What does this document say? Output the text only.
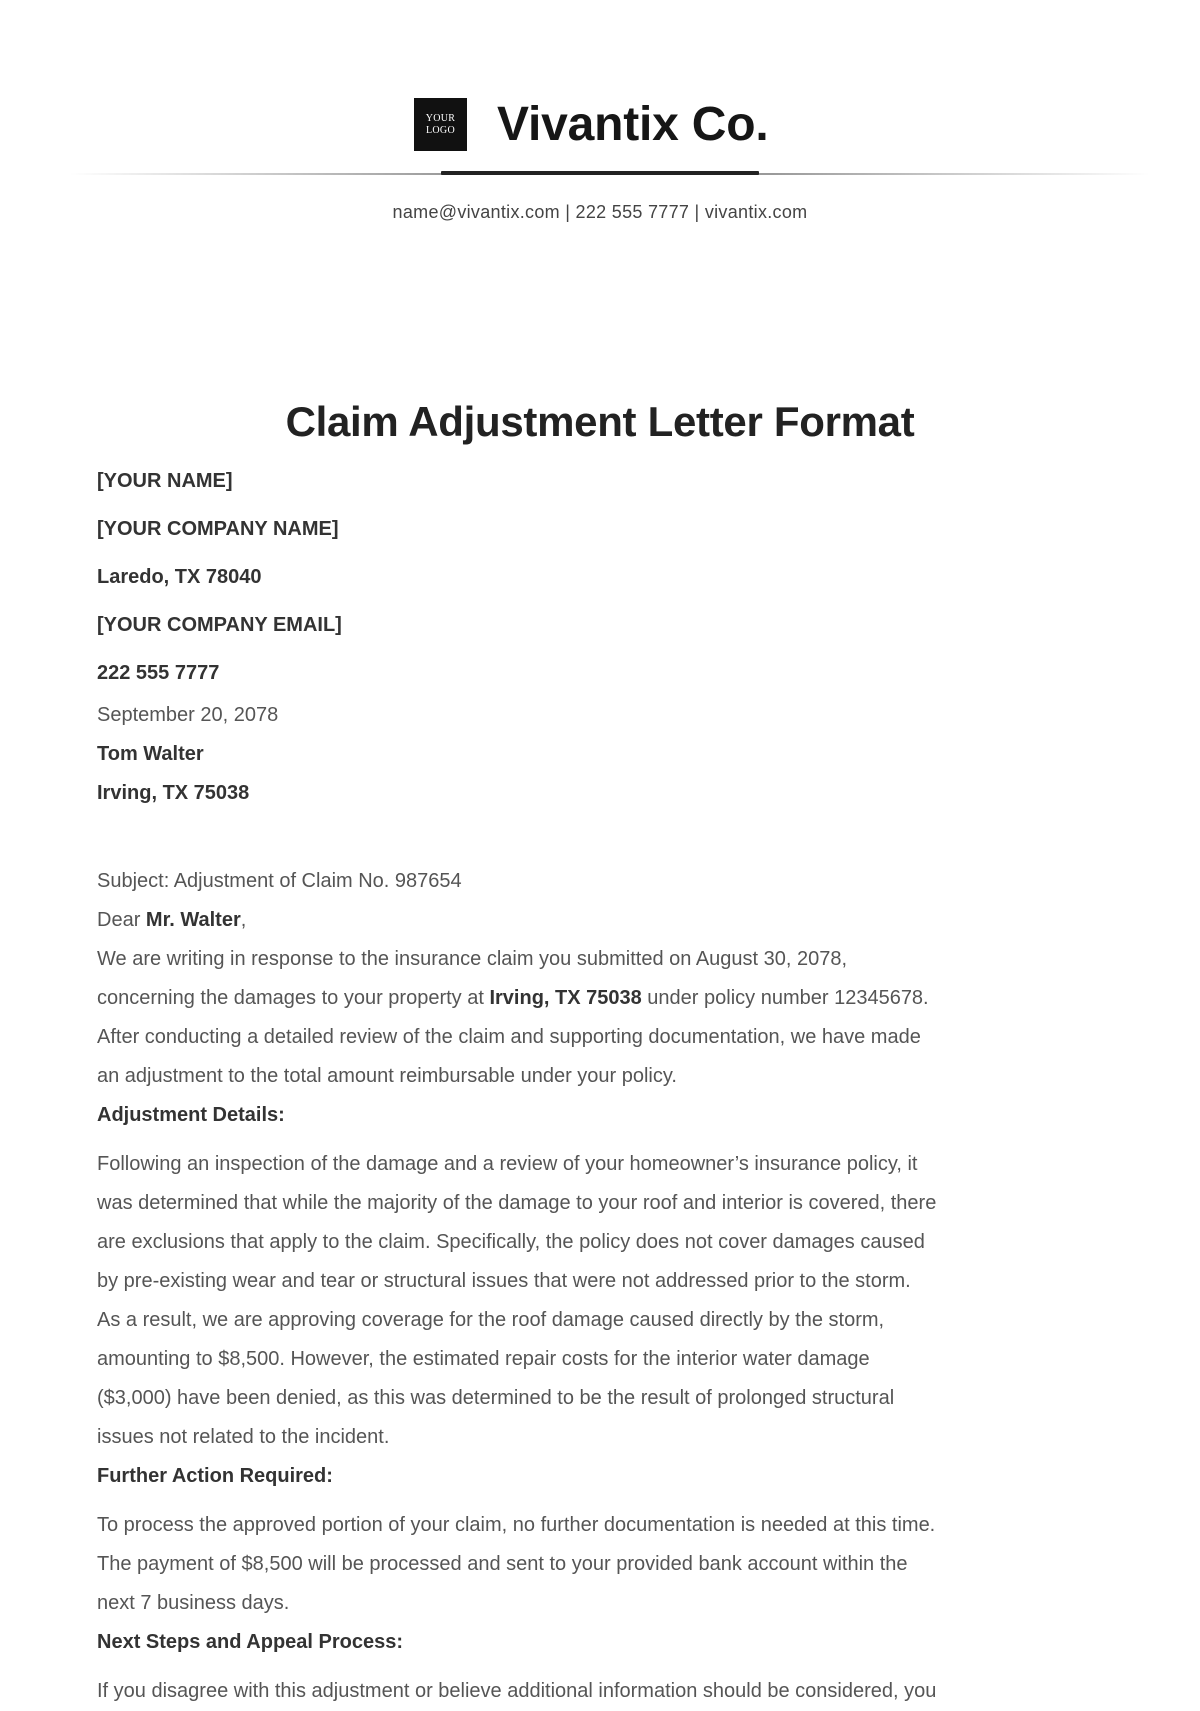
YOUR
LOGO Vivantix Co.
name@vivantix.com | 222 555 7777 | vivantix.com
Claim Adjustment Letter Format
[YOUR NAME]
[YOUR COMPANY NAME]
Laredo, TX 78040
[YOUR COMPANY EMAIL]
222 555 7777
September 20, 2078
Tom Walter
Irving, TX 75038
Subject: Adjustment of Claim No. 987654
Dear Mr. Walter,
We are writing in response to the insurance claim you submitted on August 30, 2078,
concerning the damages to your property at Irving, TX 75038 under policy number 12345678.
After conducting a detailed review of the claim and supporting documentation, we have made
an adjustment to the total amount reimbursable under your policy.
Adjustment Details:
Following an inspection of the damage and a review of your homeowner’s insurance policy, it
was determined that while the majority of the damage to your roof and interior is covered, there
are exclusions that apply to the claim. Specifically, the policy does not cover damages caused
by pre-existing wear and tear or structural issues that were not addressed prior to the storm.
As a result, we are approving coverage for the roof damage caused directly by the storm,
amounting to $8,500. However, the estimated repair costs for the interior water damage
($3,000) have been denied, as this was determined to be the result of prolonged structural
issues not related to the incident.
Further Action Required:
To process the approved portion of your claim, no further documentation is needed at this time.
The payment of $8,500 will be processed and sent to your provided bank account within the
next 7 business days.
Next Steps and Appeal Process:
If you disagree with this adjustment or believe additional information should be considered, you
